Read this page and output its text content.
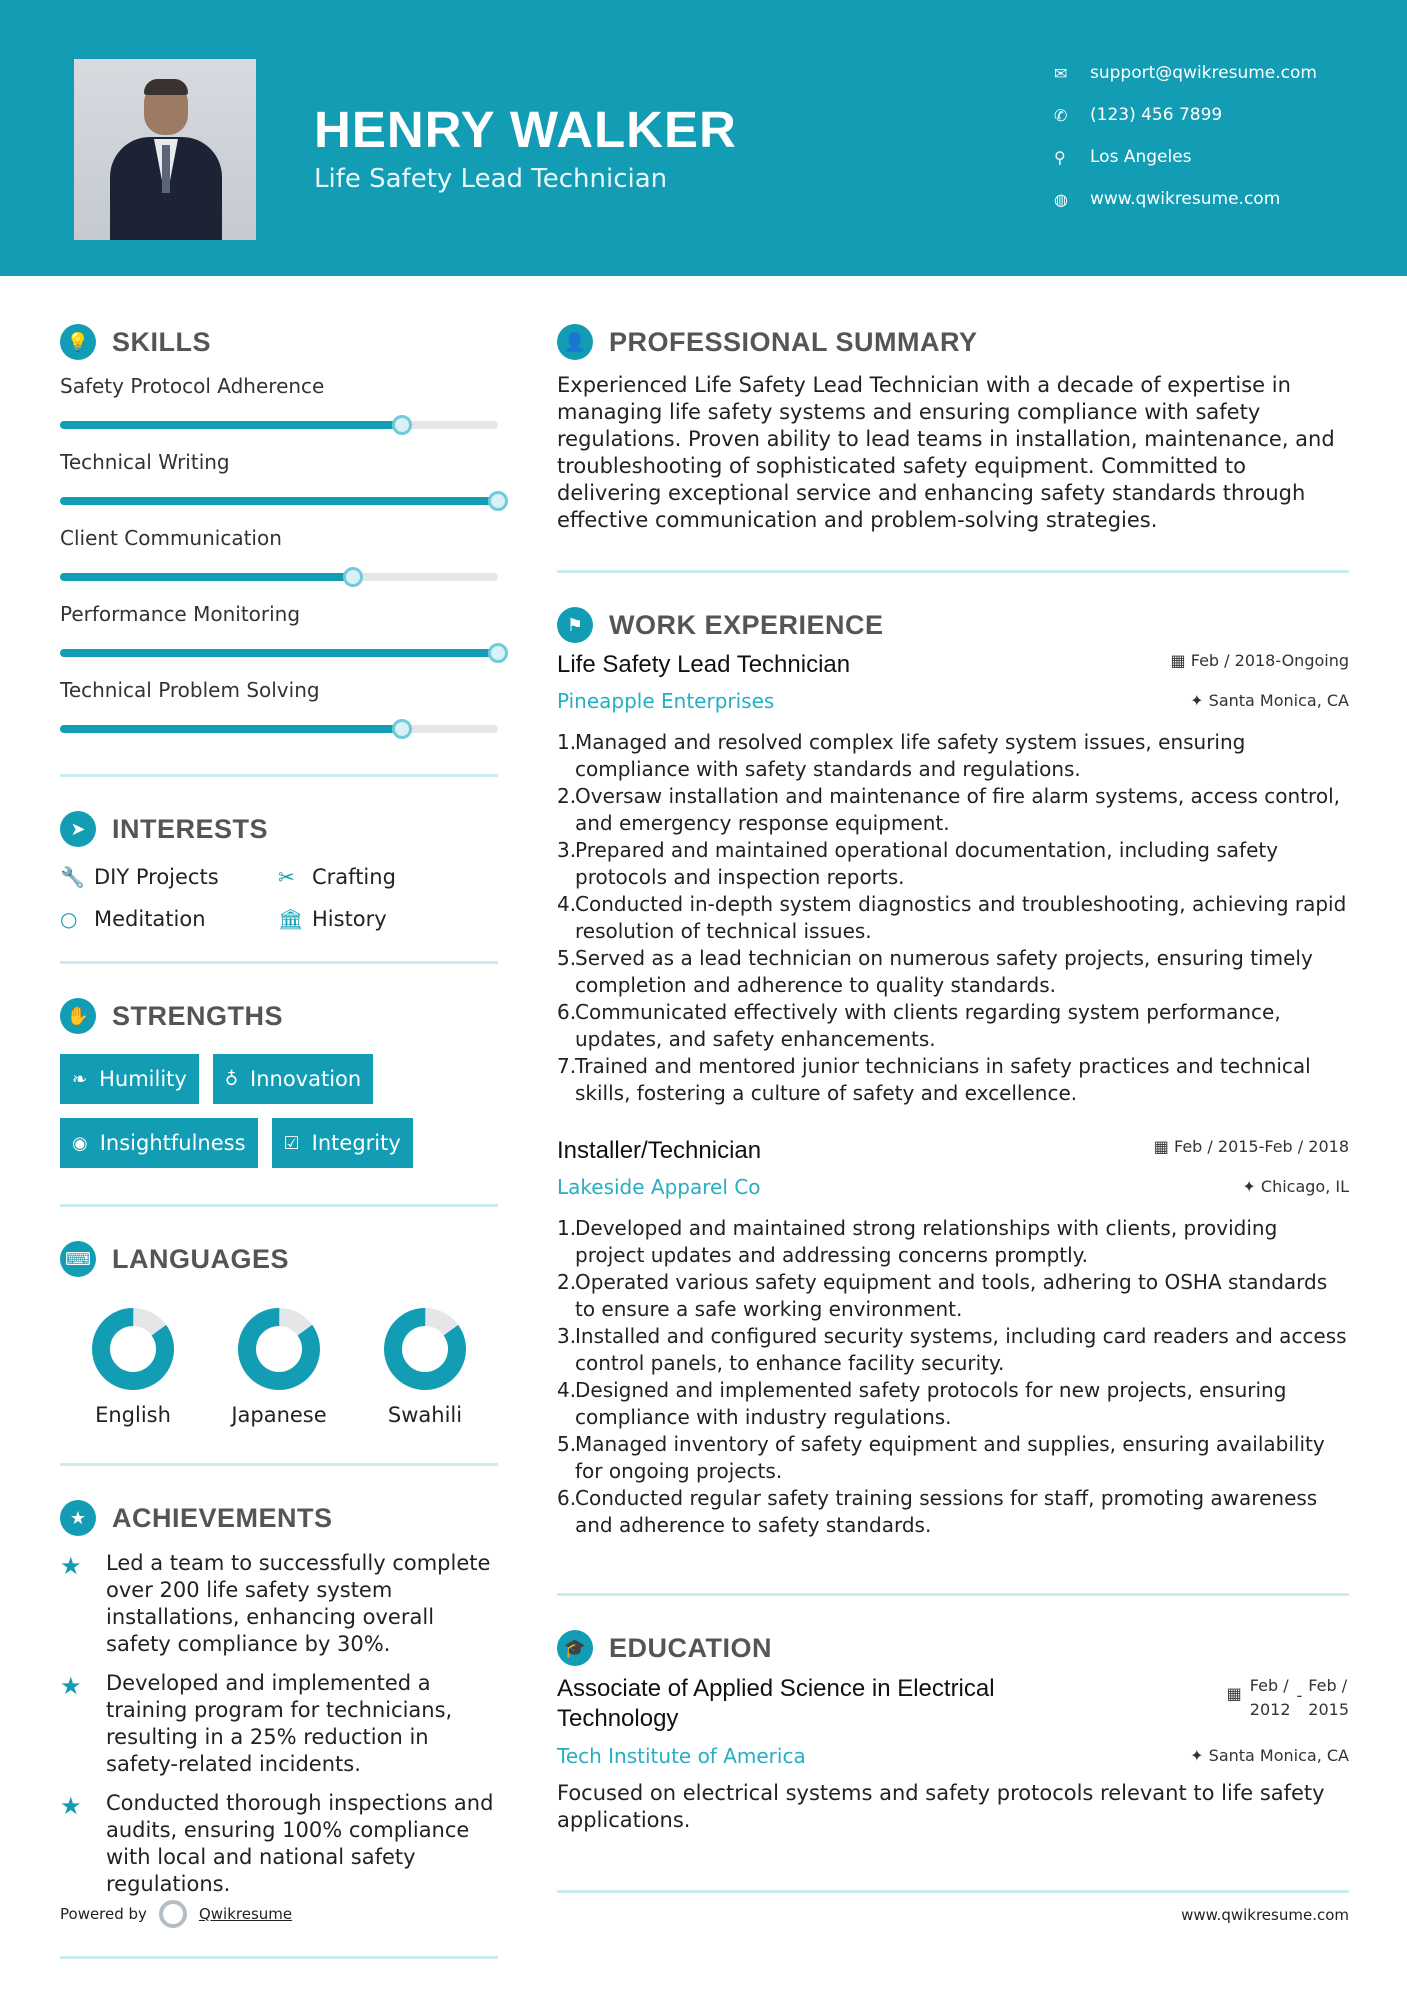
HENRY WALKER
Life Safety Lead Technician
✉	support@qwikresume.com
✆	(123) 456 7899
⚲	Los Angeles
◍	www.qwikresume.com
💡 SKILLS
Safety Protocol Adherence
Technical Writing
Client Communication
Performance Monitoring
Technical Problem Solving
➤ INTERESTS
🔧 DIY Projects	✂ Crafting
○ Meditation	🏛 History
✋ STRENGTHS
❧ Humility ♁ Innovation
◉ Insightfulness ☑ Integrity
⌨ LANGUAGES
English	Japanese	Swahili
★ ACHIEVEMENTS
★	Led a team to successfully complete over 200 life safety system installations, enhancing overall safety compliance by 30%.
★	Developed and implemented a training program for technicians, resulting in a 25% reduction in safety-related incidents.
★	Conducted thorough inspections and audits, ensuring 100% compliance with local and national safety regulations.
👤 PROFESSIONAL SUMMARY
Experienced Life Safety Lead Technician with a decade of expertise in managing life safety systems and ensuring compliance with safety regulations. Proven ability to lead teams in installation, maintenance, and troubleshooting of sophisticated safety equipment. Committed to delivering exceptional service and enhancing safety standards through effective communication and problem-solving strategies.
⚑ WORK EXPERIENCE
Life Safety Lead Technician	▦ Feb / 2018-Ongoing
Pineapple Enterprises	✦ Santa Monica, CA
1.
Managed and resolved complex life safety system issues, ensuring compliance with safety standards and regulations.
2.
Oversaw installation and maintenance of fire alarm systems, access control, and emergency response equipment.
3.
Prepared and maintained operational documentation, including safety protocols and inspection reports.
4.
Conducted in-depth system diagnostics and troubleshooting, achieving rapid resolution of technical issues.
5.
Served as a lead technician on numerous safety projects, ensuring timely completion and adherence to quality standards.
6.
Communicated effectively with clients regarding system performance, updates, and safety enhancements.
7.
Trained and mentored junior technicians in safety practices and technical skills, fostering a culture of safety and excellence.
Installer/Technician	▦ Feb / 2015-Feb / 2018
Lakeside Apparel Co	✦ Chicago, IL
1.
Developed and maintained strong relationships with clients, providing project updates and addressing concerns promptly.
2.
Operated various safety equipment and tools, adhering to OSHA standards to ensure a safe working environment.
3.
Installed and configured security systems, including card readers and access control panels, to enhance facility security.
4.
Designed and implemented safety protocols for new projects, ensuring compliance with industry regulations.
5.
Managed inventory of safety equipment and supplies, ensuring availability for ongoing projects.
6.
Conducted regular safety training sessions for staff, promoting awareness and adherence to safety standards.
🎓 EDUCATION
Associate of Applied Science in Electrical Technology
▦ Feb /
2012
-
Feb /
2015
Tech Institute of America	✦ Santa Monica, CA
Focused on electrical systems and safety protocols relevant to life safety applications.
Powered by	Qwikresume	www.qwikresume.com
